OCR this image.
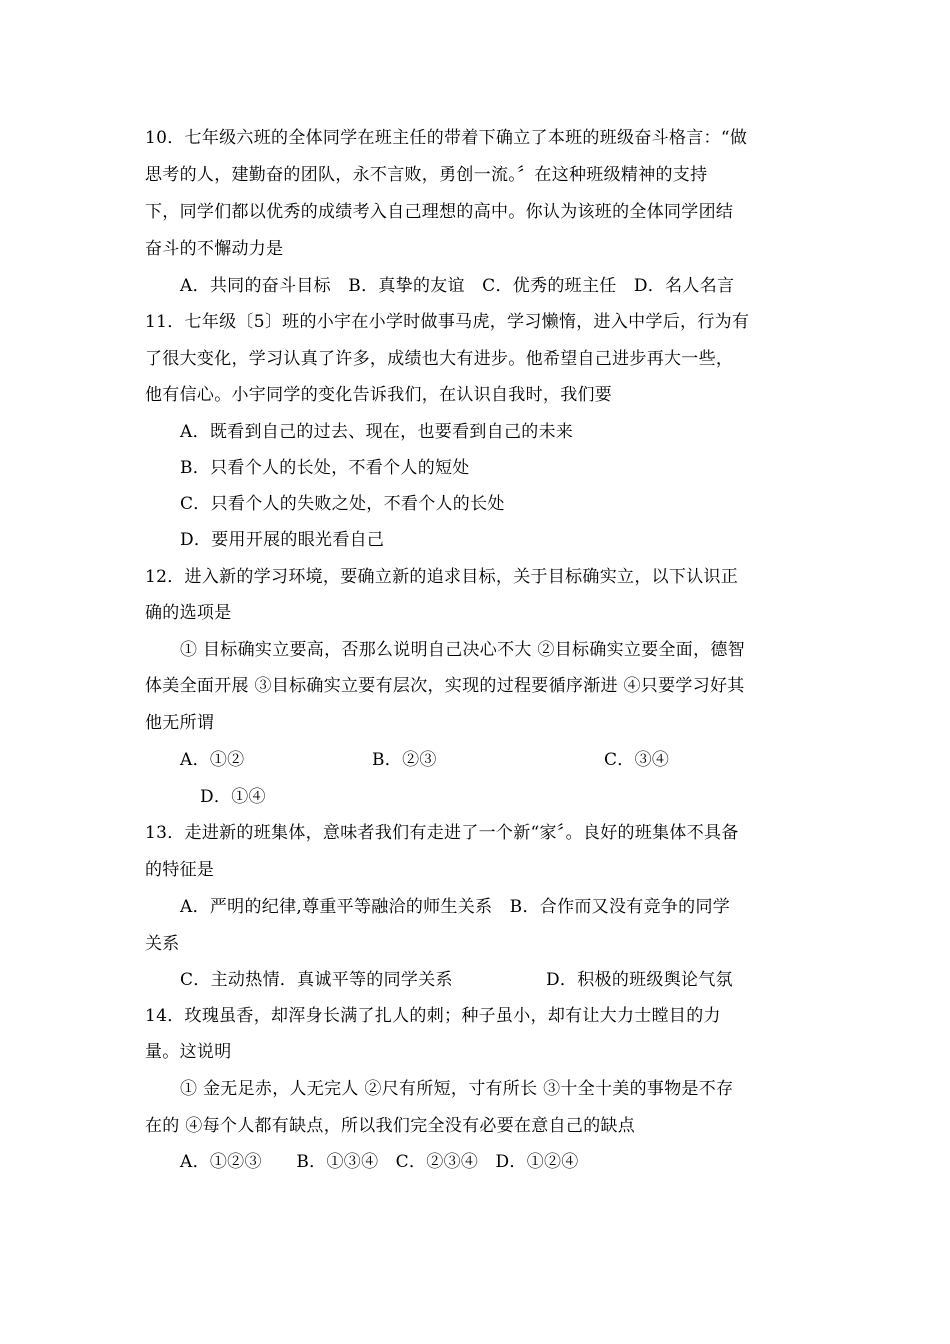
10．七年级六班的全体同学在班主任的带着下确立了本班的班级奋斗格言：“做
思考的人，建勤奋的团队，永不言败，勇创一流。〞在这种班级精神的支持
下，同学们都以优秀的成绩考入自己理想的高中。你认为该班的全体同学团结
奋斗的不懈动力是
A．共同的奋斗目标　B．真挚的友谊　C．优秀的班主任　D．名人名言
11．七年级〔5〕班的小宇在小学时做事马虎，学习懒惰，进入中学后，行为有
了很大变化，学习认真了许多，成绩也大有进步。他希望自己进步再大一些，
他有信心。小宇同学的变化告诉我们，在认识自我时，我们要
A．既看到自己的过去、现在，也要看到自己的未来
B．只看个人的长处，不看个人的短处
C．只看个人的失败之处，不看个人的长处
D．要用开展的眼光看自己
12．进入新的学习环境，要确立新的追求目标，关于目标确实立，以下认识正
确的选项是
① 目标确实立要高，否那么说明自己决心不大 ②目标确实立要全面，德智
体美全面开展 ③目标确实立要有层次，实现的过程要循序渐进 ④只要学习好其
他无所谓
A．①②	B．②③	C．③④
D．①④
13．走进新的班集体，意味者我们有走进了一个新“家〞。良好的班集体不具备
的特征是
A．严明的纪律,尊重平等融洽的师生关系　B．合作而又没有竞争的同学
关系
C．主动热情．真诚平等的同学关系	D．积极的班级舆论气氛
14．玫瑰虽香，却浑身长满了扎人的刺；种子虽小，却有让大力士瞠目的力
量。这说明
① 金无足赤，人无完人 ②尺有所短，寸有所长 ③十全十美的事物是不存
在的 ④每个人都有缺点，所以我们完全没有必要在意自己的缺点
A．①②③　　B．①③④　C．②③④　D．①②④
